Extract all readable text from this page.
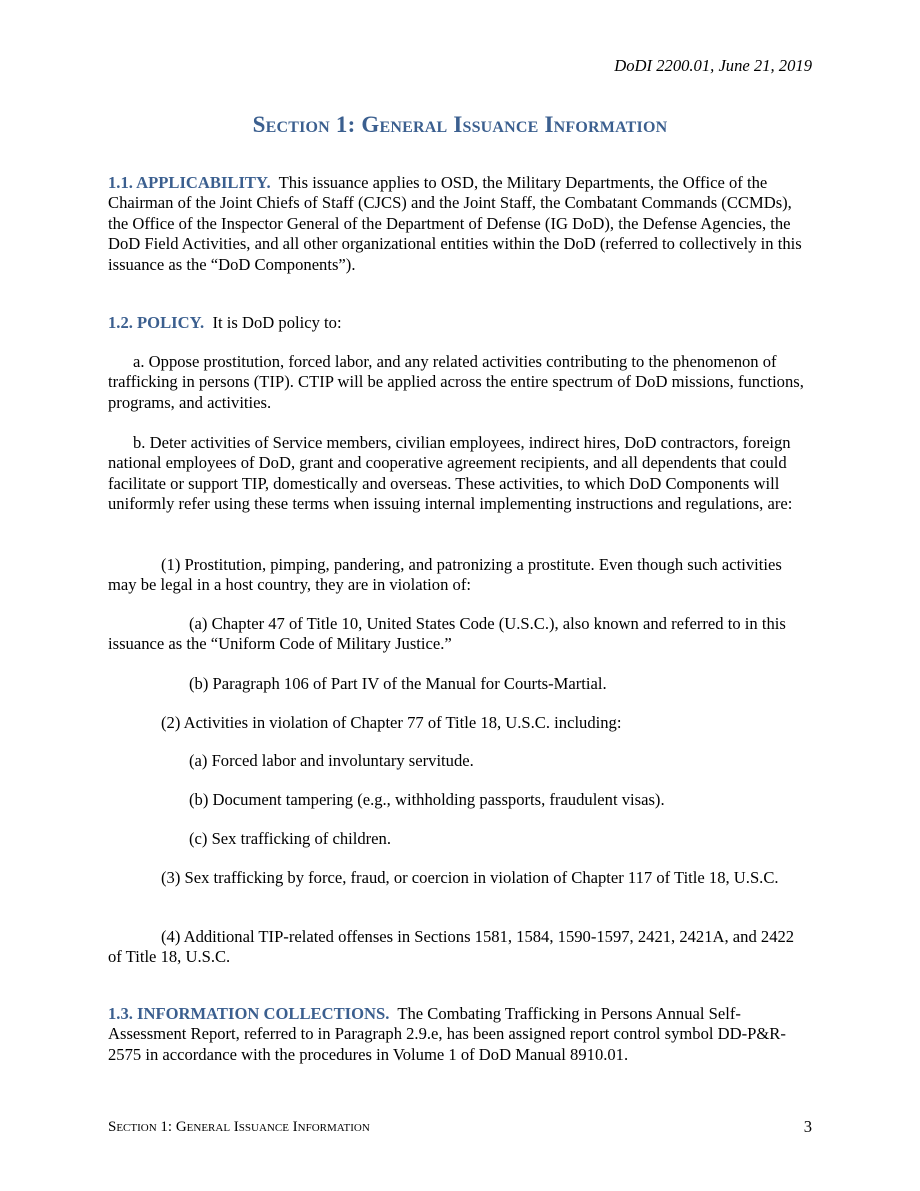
DoDI 2200.01, June 21, 2019
Section 1: General Issuance Information

1.1. APPLICABILITY. This issuance applies to OSD, the Military Departments, the Office of the Chairman of the Joint Chiefs of Staff (CJCS) and the Joint Staff, the Combatant Commands (CCMDs), the Office of the Inspector General of the Department of Defense (IG DoD), the Defense Agencies, the DoD Field Activities, and all other organizational entities within the DoD (referred to collectively in this issuance as the “DoD Components”).

1.2. POLICY. It is DoD policy to:

a. Oppose prostitution, forced labor, and any related activities contributing to the phenomenon of trafficking in persons (TIP). CTIP will be applied across the entire spectrum of DoD missions, functions, programs, and activities.

b. Deter activities of Service members, civilian employees, indirect hires, DoD contractors, foreign national employees of DoD, grant and cooperative agreement recipients, and all dependents that could facilitate or support TIP, domestically and overseas. These activities, to which DoD Components will uniformly refer using these terms when issuing internal implementing instructions and regulations, are:

(1) Prostitution, pimping, pandering, and patronizing a prostitute. Even though such activities may be legal in a host country, they are in violation of:

(a) Chapter 47 of Title 10, United States Code (U.S.C.), also known and referred to in this issuance as the “Uniform Code of Military Justice.”

(b) Paragraph 106 of Part IV of the Manual for Courts-Martial.

(2) Activities in violation of Chapter 77 of Title 18, U.S.C. including:

(a) Forced labor and involuntary servitude.

(b) Document tampering (e.g., withholding passports, fraudulent visas).

(c) Sex trafficking of children.

(3) Sex trafficking by force, fraud, or coercion in violation of Chapter 117 of Title 18, U.S.C.

(4) Additional TIP-related offenses in Sections 1581, 1584, 1590-1597, 2421, 2421A, and 2422 of Title 18, U.S.C.

1.3. INFORMATION COLLECTIONS. The Combating Trafficking in Persons Annual Self-Assessment Report, referred to in Paragraph 2.9.e, has been assigned report control symbol DD-P&R-2575 in accordance with the procedures in Volume 1 of DoD Manual 8910.01.

Section 1: General Issuance Information	3
